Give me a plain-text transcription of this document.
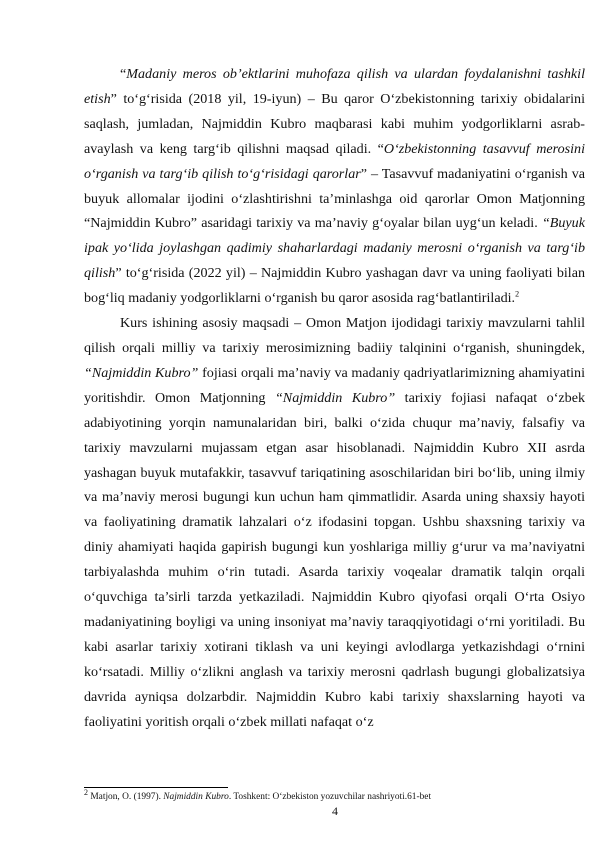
“Madaniy meros ob’ektlarini muhofaza qilish va ulardan foydalanishni tashkil etish” to‘g‘risida (2018 yil, 19-iyun) – Bu qaror O‘zbekistonning tarixiy obidalarini saqlash, jumladan, Najmiddin Kubro maqbarasi kabi muhim yodgorliklarni asrab-avaylash va keng targ‘ib qilishni maqsad qiladi. “O‘zbekistonning tasavvuf merosini o‘rganish va targ‘ib qilish to‘g‘risidagi qarorlar” – Tasavvuf madaniyatini o‘rganish va buyuk allomalar ijodini o‘zlashtirishni ta’minlashga oid qarorlar Omon Matjonning “Najmiddin Kubro” asaridagi tarixiy va ma’naviy g‘oyalar bilan uyg‘un keladi. “Buyuk ipak yo‘lida joylashgan qadimiy shaharlardagi madaniy merosni o‘rganish va targ‘ib qilish” to‘g‘risida (2022 yil) – Najmiddin Kubro yashagan davr va uning faoliyati bilan bog‘liq madaniy yodgorliklarni o‘rganish bu qaror asosida rag‘batlantiriladi.$^2$

Kurs ishining asosiy maqsadi – Omon Matjon ijodidagi tarixiy mavzularni tahlil qilish orqali milliy va tarixiy merosimizning badiiy talqinini o‘rganish, shuningdek, “Najmiddin Kubro” fojiasi orqali ma’naviy va madaniy qadriyatlarimizning ahamiyatini yoritishdir. Omon Matjonning “Najmiddin Kubro” tarixiy fojiasi nafaqat o‘zbek adabiyotining yorqin namunalaridan biri, balki o‘zida chuqur ma’naviy, falsafiy va tarixiy mavzularni mujassam etgan asar hisoblanadi. Najmiddin Kubro XII asrda yashagan buyuk mutafakkir, tasavvuf tariqatining asoschilaridan biri bo‘lib, uning ilmiy va ma’naviy merosi bugungi kun uchun ham qimmatlidir. Asarda uning shaxsiy hayoti va faoliyatining dramatik lahzalari o‘z ifodasini topgan. Ushbu shaxsning tarixiy va diniy ahamiyati haqida gapirish bugungi kun yoshlariga milliy g‘urur va ma’naviyatni tarbiyalashda muhim o‘rin tutadi. Asarda tarixiy voqealar dramatik talqin orqali o‘quvchiga ta’sirli tarzda yetkaziladi. Najmiddin Kubro qiyofasi orqali O‘rta Osiyo madaniyatining boyligi va uning insoniyat ma’naviy taraqqiyotidagi o‘rni yoritiladi. Bu kabi asarlar tarixiy xotirani tiklash va uni keyingi avlodlarga yetkazishdagi o‘rnini ko‘rsatadi. Milliy o‘zlikni anglash va tarixiy merosni qadrlash bugungi globalizatsiya davrida ayniqsa dolzarbdir. Najmiddin Kubro kabi tarixiy shaxslarning hayoti va faoliyatini yoritish orqali o‘zbek millati nafaqat o‘z

$^2$ Matjon, O. (1997). Najmiddin Kubro. Toshkent: O‘zbekiston yozuvchilar nashriyoti.61-bet
4
